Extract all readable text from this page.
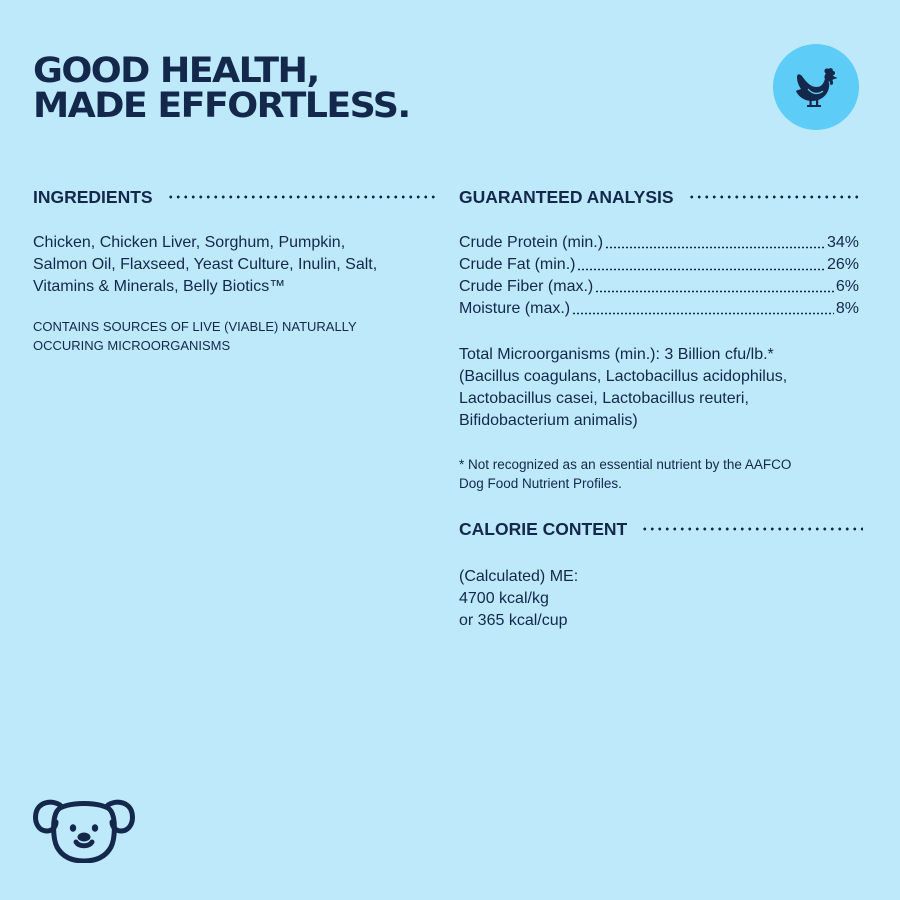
GOOD HEALTH,
MADE EFFORTLESS.
INGREDIENTS
Chicken, Chicken Liver, Sorghum, Pumpkin,
Salmon Oil, Flaxseed, Yeast Culture, Inulin, Salt,
Vitamins & Minerals, Belly Biotics™
CONTAINS SOURCES OF LIVE (VIABLE) NATURALLY
OCCURING MICROORGANISMS
GUARANTEED ANALYSIS
Crude Protein (min.)	34%
Crude Fat (min.)	26%
Crude Fiber (max.)	6%
Moisture (max.)	8%
Total Microorganisms (min.): 3 Billion cfu/lb.*
(Bacillus coagulans, Lactobacillus acidophilus,
Lactobacillus casei, Lactobacillus reuteri,
Bifidobacterium animalis)
* Not recognized as an essential nutrient by the AAFCO
Dog Food Nutrient Profiles.
CALORIE CONTENT
(Calculated) ME:
4700 kcal/kg
or 365 kcal/cup
